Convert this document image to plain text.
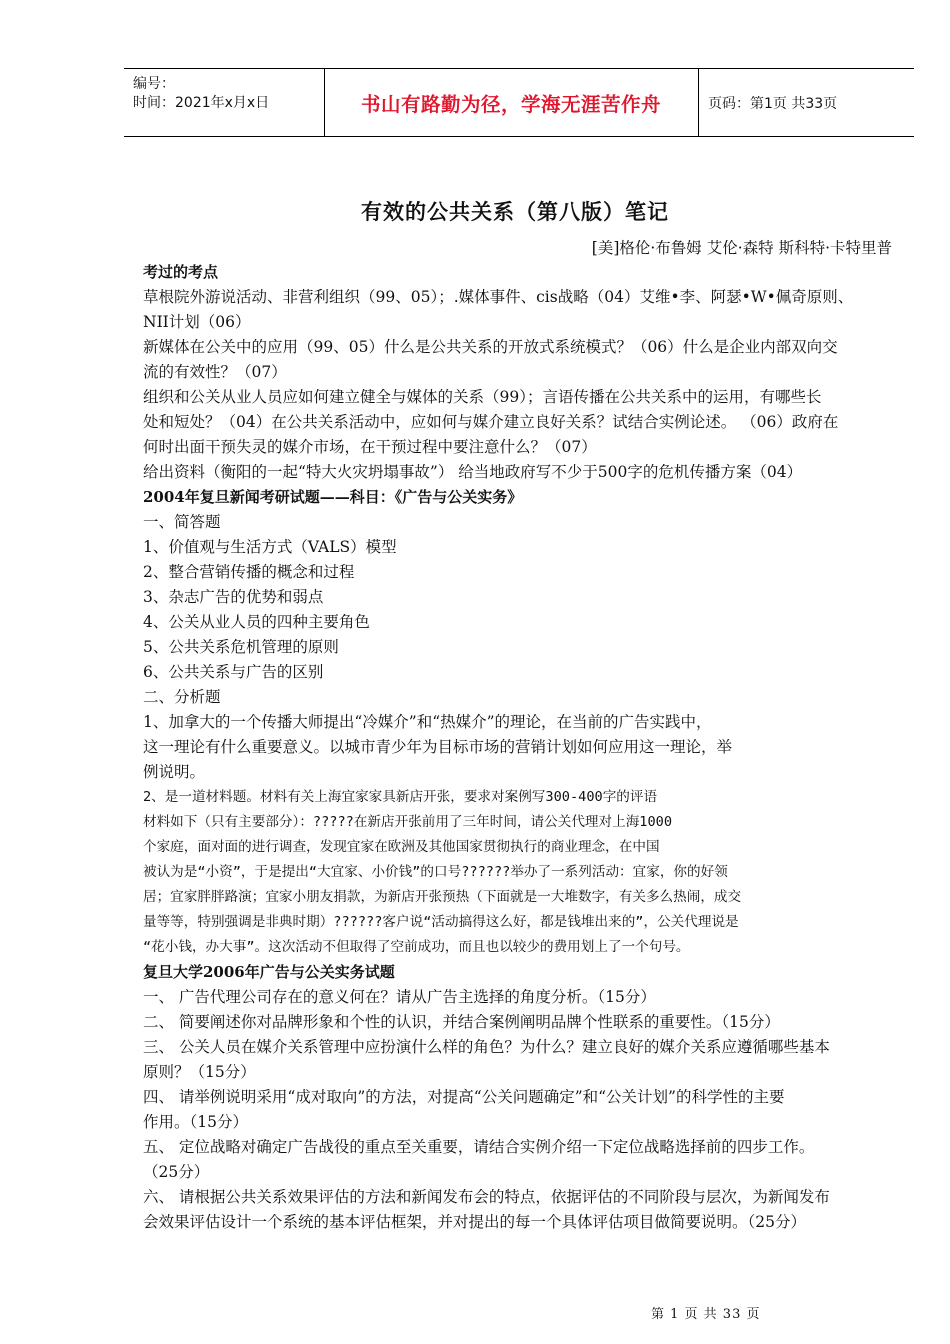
编号：
时间：2021年x月x日	书山有路勤为径，学海无涯苦作舟	页码：第1页 共33页
有效的公共关系（第八版）笔记
[美]格伦·布鲁姆 艾伦·森特 斯科特·卡特里普
考过的考点
草根院外游说活动、非营利组织（99、05）；.媒体事件、cis战略（04）艾维•李、阿瑟•W•佩奇原则、
NII计划（06）
新媒体在公关中的应用（99、05）什么是公共关系的开放式系统模式？（06）什么是企业内部双向交
流的有效性？（07）
组织和公关从业人员应如何建立健全与媒体的关系（99）；言语传播在公共关系中的运用，有哪些长
处和短处？（04）在公共关系活动中，应如何与媒介建立良好关系？试结合实例论述。 （06）政府在
何时出面干预失灵的媒介市场，在干预过程中要注意什么？（07）
给出资料（衡阳的一起“特大火灾坍塌事故”） 给当地政府写不少于500字的危机传播方案（04）
2004年复旦新闻考研试题——科目：《广告与公关实务》
一、简答题
1、价值观与生活方式（VALS）模型
2、整合营销传播的概念和过程
3、杂志广告的优势和弱点
4、公关从业人员的四种主要角色
5、公共关系危机管理的原则
6、公共关系与广告的区别
二、分析题
1、加拿大的一个传播大师提出“冷媒介”和“热媒介”的理论，在当前的广告实践中，
这一理论有什么重要意义。以城市青少年为目标市场的营销计划如何应用这一理论，举
例说明。
2、是一道材料题。材料有关上海宜家家具新店开张，要求对案例写300-400字的评语
材料如下（只有主要部分）：?????在新店开张前用了三年时间，请公关代理对上海1000
个家庭，面对面的进行调查，发现宜家在欧洲及其他国家贯彻执行的商业理念，在中国
被认为是“小资”，于是提出“大宜家、小价钱”的口号??????举办了一系列活动：宜家，你的好领
居；宜家胖胖路演；宜家小朋友捐款，为新店开张预热（下面就是一大堆数字，有关多么热闹，成交
量等等，特别强调是非典时期）??????客户说“活动搞得这么好，都是钱堆出来的”，公关代理说是
“花小钱，办大事”。这次活动不但取得了空前成功，而且也以较少的费用划上了一个句号。
复旦大学2006年广告与公关实务试题
一、 广告代理公司存在的意义何在？请从广告主选择的角度分析。（15分）
二、 简要阐述你对品牌形象和个性的认识，并结合案例阐明品牌个性联系的重要性。（15分）
三、 公关人员在媒介关系管理中应扮演什么样的角色？为什么？建立良好的媒介关系应遵循哪些基本
原则？（15分）
四、 请举例说明采用“成对取向”的方法，对提高“公关问题确定”和“公关计划”的科学性的主要
作用。（15分）
五、 定位战略对确定广告战役的重点至关重要，请结合实例介绍一下定位战略选择前的四步工作。
（25分）
六、 请根据公共关系效果评估的方法和新闻发布会的特点，依据评估的不同阶段与层次，为新闻发布
会效果评估设计一个系统的基本评估框架，并对提出的每一个具体评估项目做简要说明。（25分）
第 1 页 共 33 页
